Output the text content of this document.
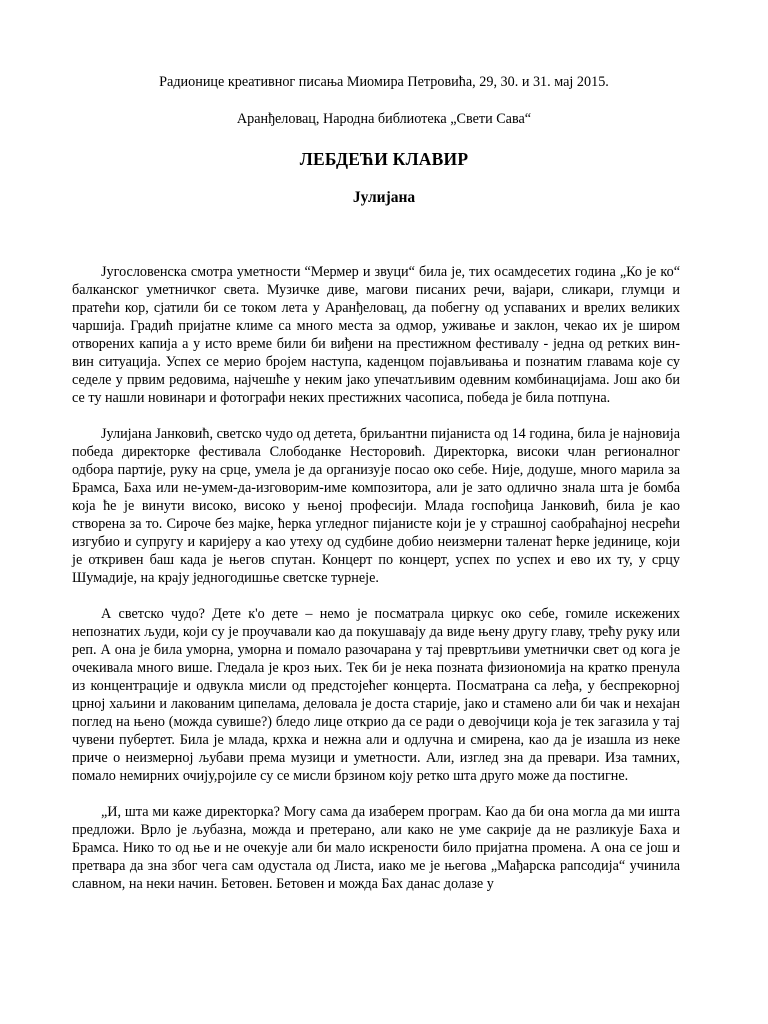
Радионице креативног писања Миомира Петровића, 29, 30. и 31. мај 2015.
Аранђеловац, Народна библиотека „Свети Сава“
ЛЕБДЕЋИ КЛАВИР
Јулијана

Југословенска смотра уметности “Мермер и звуци“ била је, тих осамдесетих година „Ко је ко“ балканског уметничког света. Музичке диве, магови писаних речи, вајари, сликари, глумци и пратећи кор, сјатили би се током лета у Аранђеловац, да побегну од успаваних и врелих великих чаршија. Градић пријатне климе са много места за одмор, уживање и заклон, чекао их је широм отворених капија а у исто време били би виђени на престижном фестивалу - једна од ретких вин-вин ситуација. Успех се мерио бројем наступа, каденцом појављивања и познатим главама које су седеле у првим редовима, најчешће у неким јако упечатљивим одевним комбинацијама. Још ако би се ту нашли новинари и фотографи неких престижних часописа, победа је била потпуна.

Јулијана Јанковић, светско чудо од детета, бриљантни пијаниста од 14 година, била је најновија победа директорке фестивала Слободанке Несторовић. Директорка, високи члан регионалног одбора партије, руку на срце, умела је да организује посао око себе. Није, додуше, много марила за Брамса, Баха или не-умем-да-изговорим-име композитора, али је зато одлично знала шта је бомба која ће је винути високо, високо у њеној професији. Млада госпођица Јанковић, била је као створена за то. Сироче без мајке, ћерка угледног пијанисте који је у страшној саобраћајној несрећи изгубио и супругу и каријеру а као утеху од судбине добио неизмерни таленат ћерке јединице, који је откривен баш када је његов спутан. Концерт по концерт, успех по успех и ево их ту, у срцу Шумадије, на крају једногодишње светске турнеје.

А светско чудо? Дете к'о дете – немо је посматрала циркус око себе, гомиле искежених непознатих људи, који су је проучавали као да покушавају да виде њену другу главу, трећу руку или реп. А она је била уморна, уморна и помало разочарана у тај превртљиви уметнички свет од кога је очекивала много више. Гледала је кроз њих. Тек би је нека позната физиономија на кратко пренула из концентрације и одвукла мисли од предстојећег концерта. Посматрана са леђа, у беспрекорној црној хаљини и лакованим ципелама, деловала је доста старије, јако и стамено али би чак и нехајан поглед на њено (можда сувише?) бледо лице открио да се ради о девојчици која је тек загазила у тај чувени пубертет. Била је млада, крхка и нежна али и одлучна и смирена, као да је изашла из неке приче о неизмерној љубави према музици и уметности. Али, изглед зна да превари. Иза тамних, помало немирних очију,ројиле су се мисли брзином коју ретко шта друго може да постигне.

„И, шта ми каже директорка? Могу сама да изаберем програм. Као да би она могла да ми ишта предложи. Врло је љубазна, можда и претерано, али како не уме сакрије да не разликује Баха и Брамса. Нико то од ње и не очекује али би мало искрености било пријатна промена. А она се још и претвара да зна због чега сам одустала од Листа, иако ме је његова „Мађарска рапсодија“ учинила славном, на неки начин. Бетовен. Бетовен и можда Бах данас долазе у
